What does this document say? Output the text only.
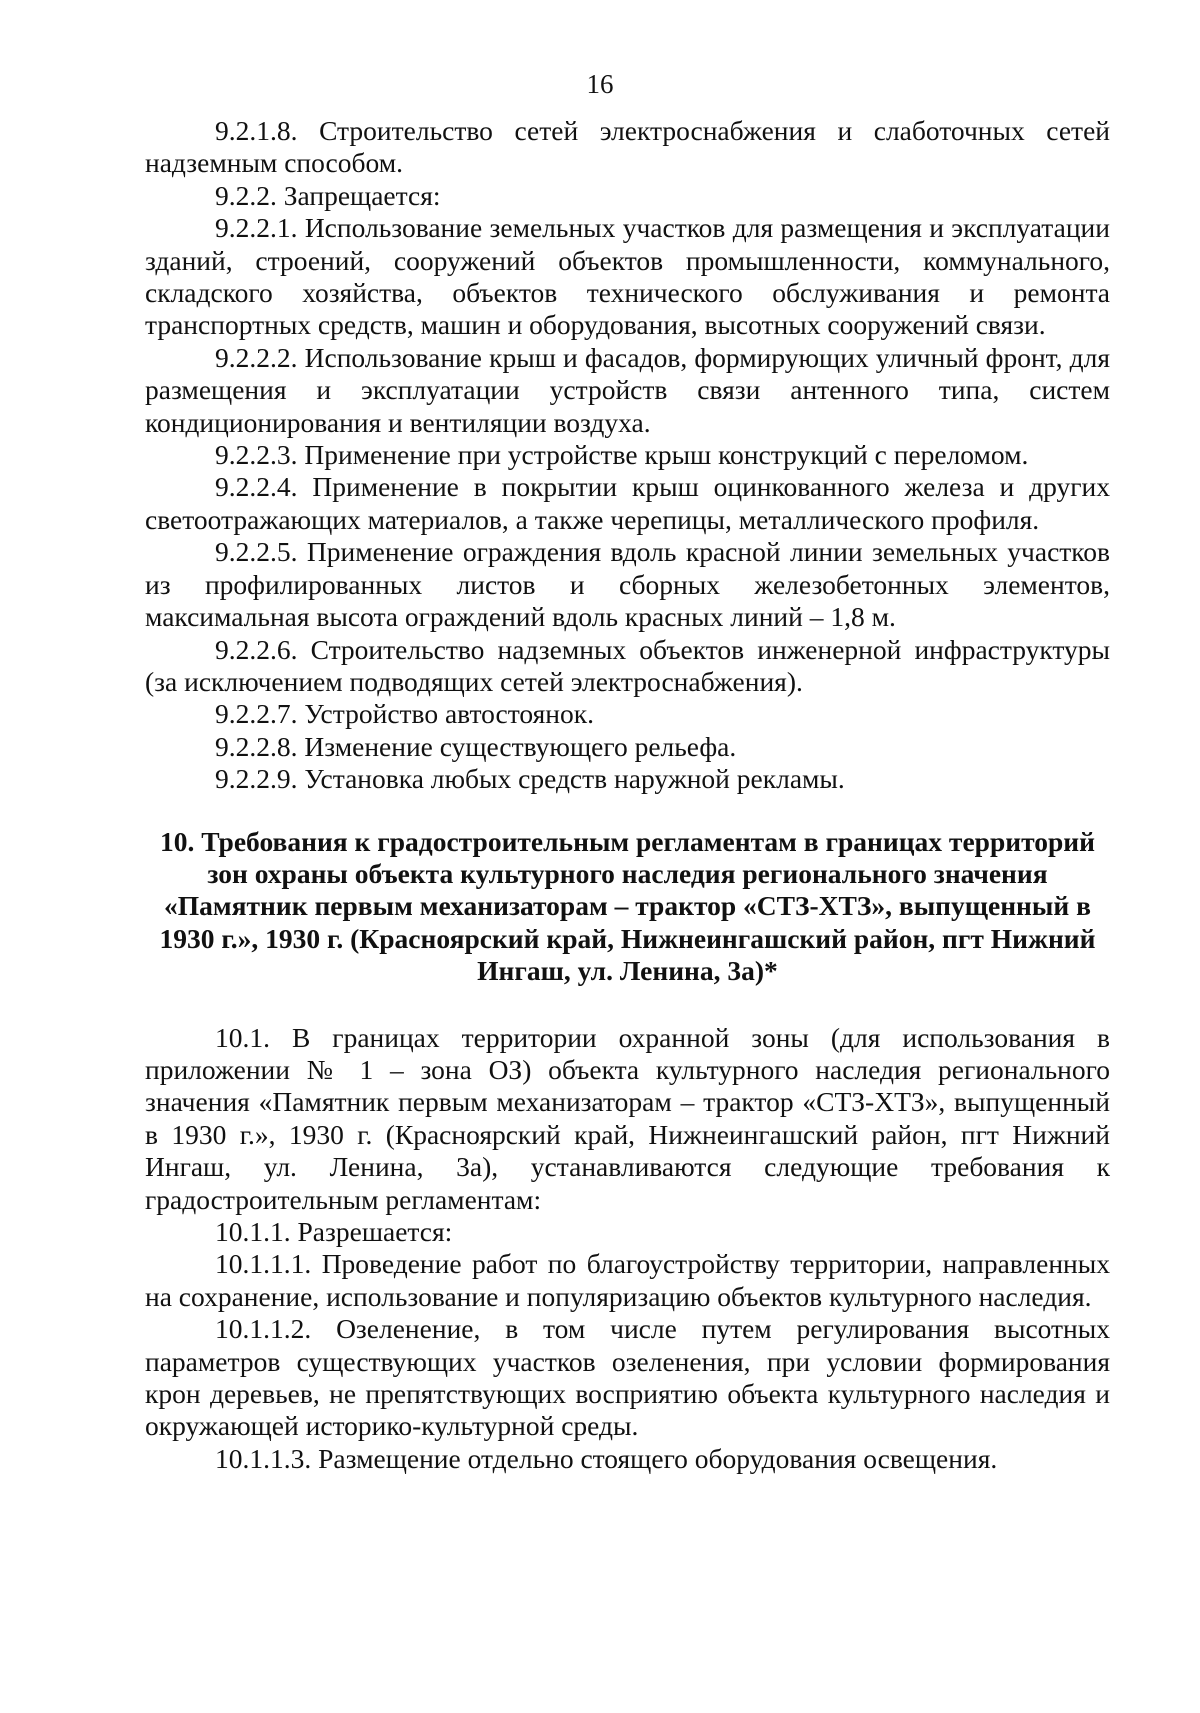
16

9.2.1.8. Строительство сетей электроснабжения и слаботочных сетей надземным способом.

9.2.2. Запрещается:

9.2.2.1. Использование земельных участков для размещения и эксплуатации зданий, строений, сооружений объектов промышленности, коммунального, складского хозяйства, объектов технического обслуживания и ремонта транспортных средств, машин и оборудования, высотных сооружений связи.

9.2.2.2. Использование крыш и фасадов, формирующих уличный фронт, для размещения и эксплуатации устройств связи антенного типа, систем кондиционирования и вентиляции воздуха.

9.2.2.3. Применение при устройстве крыш конструкций с переломом.

9.2.2.4. Применение в покрытии крыш оцинкованного железа и других светоотражающих материалов, а также черепицы, металлического профиля.

9.2.2.5. Применение ограждения вдоль красной линии земельных участков из профилированных листов и сборных железобетонных элементов, максимальная высота ограждений вдоль красных линий – 1,8 м.

9.2.2.6. Строительство надземных объектов инженерной инфраструктуры (за исключением подводящих сетей электроснабжения).

9.2.2.7. Устройство автостоянок.

9.2.2.8. Изменение существующего рельефа.

9.2.2.9. Установка любых средств наружной рекламы.

10. Требования к градостроительным регламентам в границах территорий зон охраны объекта культурного наследия регионального значения «Памятник первым механизаторам – трактор «СТЗ-ХТЗ», выпущенный в 1930 г.», 1930 г. (Красноярский край, Нижнеингашский район, пгт Нижний Ингаш, ул. Ленина, 3а)*

10.1. В границах территории охранной зоны (для использования в приложении № 1 – зона ОЗ) объекта культурного наследия регионального значения «Памятник первым механизаторам – трактор «СТЗ-ХТЗ», выпущенный в 1930 г.», 1930 г. (Красноярский край, Нижнеингашский район, пгт Нижний Ингаш, ул. Ленина, 3а), устанавливаются следующие требования к градостроительным регламентам:

10.1.1. Разрешается:

10.1.1.1. Проведение работ по благоустройству территории, направленных на сохранение, использование и популяризацию объектов культурного наследия.

10.1.1.2. Озеленение, в том числе путем регулирования высотных параметров существующих участков озеленения, при условии формирования крон деревьев, не препятствующих восприятию объекта культурного наследия и окружающей историко-культурной среды.

10.1.1.3. Размещение отдельно стоящего оборудования освещения.
